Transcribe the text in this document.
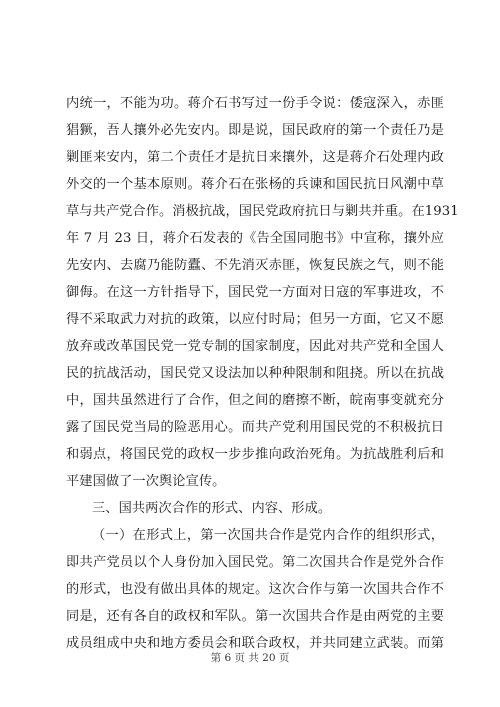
内统一，不能为功。蒋介石书写过一份手令说：倭寇深入，赤匪
猖獗，吾人攘外必先安内。即是说，国民政府的第一个责任乃是
剿匪来安内，第二个责任才是抗日来攘外，这是蒋介石处理内政
外交的一个基本原则。蒋介石在张杨的兵谏和国民抗日风潮中草
草与共产党合作。消极抗战，国民党政府抗日与剿共并重。在1931
年 7 月 23 日，蒋介石发表的《告全国同胞书》中宣称，攘外应
先安内、去腐乃能防蠹、不先消灭赤匪，恢复民族之气，则不能
御侮。在这一方针指导下，国民党一方面对日寇的军事进攻，不
得不采取武力对抗的政策，以应付时局；但另一方面，它又不愿
放弃或改革国民党一党专制的国家制度，因此对共产党和全国人
民的抗战活动，国民党又设法加以种种限制和阻挠。所以在抗战
中，国共虽然进行了合作，但之间的磨擦不断，皖南事变就充分
露了国民党当局的险恶用心。而共产党利用国民党的不积极抗日
和弱点，将国民党的政权一步步推向政治死角。为抗战胜利后和
平建国做了一次舆论宣传。
三、国共两次合作的形式、内容、形成。
（一）在形式上，第一次国共合作是党内合作的组织形式，
即共产党员以个人身份加入国民党。第二次国共合作是党外合作
的形式，也没有做出具体的规定。这次合作与第一次国共合作不
同是，还有各自的政权和军队。第一次国共合作是由两党的主要
成员组成中央和地方委员会和联合政权，并共同建立武装。而第
第 6 页 共 20 页
